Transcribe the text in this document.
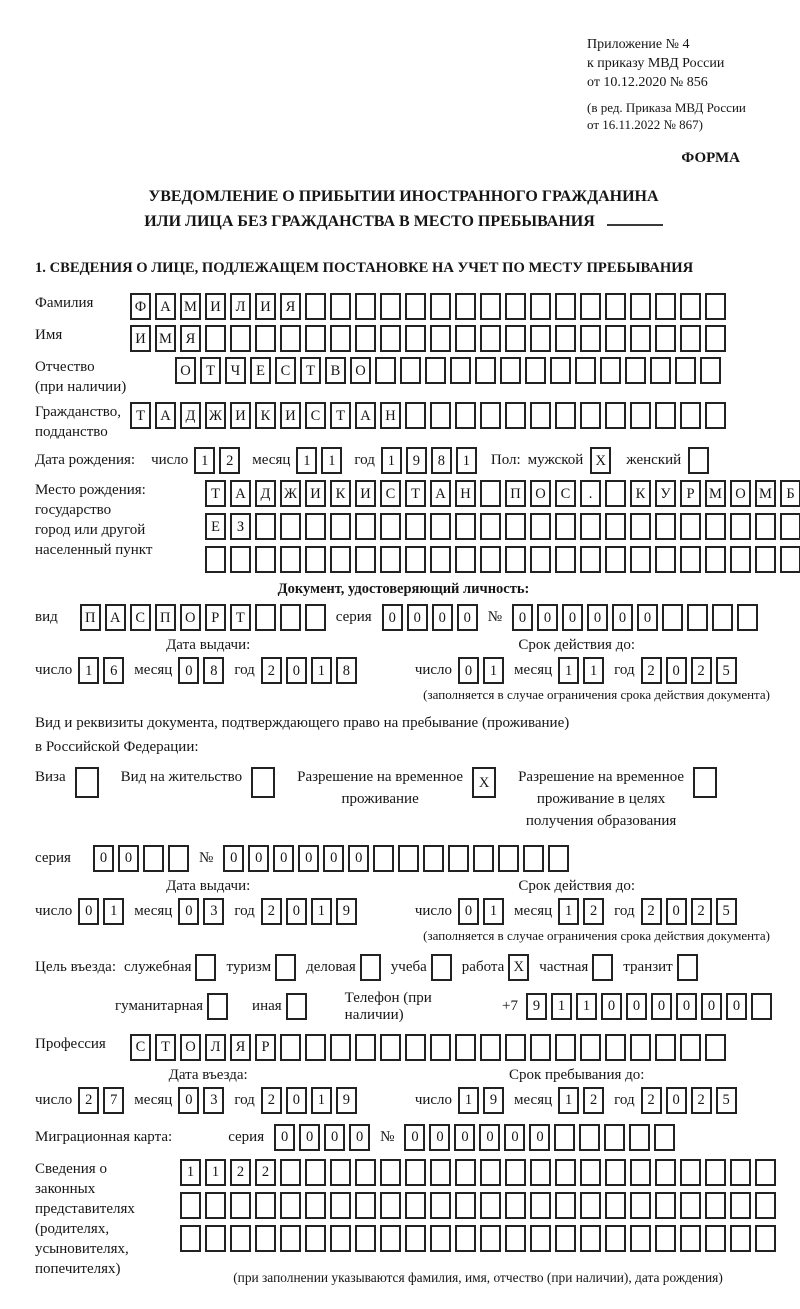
Приложение № 4
к приказу МВД России
от 10.12.2020 № 856
(в ред. Приказа МВД России
от 16.11.2022 № 867)
ФОРМА
УВЕДОМЛЕНИЕ О ПРИБЫТИИ ИНОСТРАННОГО ГРАЖДАНИНА
ИЛИ ЛИЦА БЕЗ ГРАЖДАНСТВА В МЕСТО ПРЕБЫВАНИЯ
1. СВЕДЕНИЯ О ЛИЦЕ, ПОДЛЕЖАЩЕМ ПОСТАНОВКЕ НА УЧЕТ ПО МЕСТУ ПРЕБЫВАНИЯ
Фамилия	Ф А М И	Л	И	Я
Имя	И М Я
Отчество
(при наличии)
О	Т	Ч	Е	С	Т	В	О
Гражданство,
подданство
Т	А	Д Ж И	К	И	С	Т	А	Н
Дата рождения: число 1	2	месяц 1	1	год 1	9	8	1	Пол: мужской X	женский
Место рождения:
государство
город или другой
населенный пункт
Т	А	Д Ж И	К	И	С	Т	А	Н	П	О	С	.	К	У	Р	М О М Б
Е	З
Документ, удостоверяющий личность:
вид	П	А	С	П	О	Р	Т	серия	0	0	0	0	№	0	0	0	0	0	0
Дата выдачи:	Срок действия до:
число 1	6	месяц 0	8	год 2	0	1	8	число 0	1	месяц 1	1	год 2	0	2	5
(заполняется в случае ограничения срока действия документа)
Вид и реквизиты документа, подтверждающего право на пребывание (проживание)
в Российской Федерации:
Виза	Вид на жительство	Разрешение на временное
проживание
X	Разрешение на временное
проживание в целях
получения образования
серия	0	0	№	0	0	0	0	0	0
Дата выдачи:	Срок действия до:
число 0	1	месяц 0	3	год 2	0	1	9	число 0	1	месяц 1	2	год 2	0	2	5
(заполняется в случае ограничения срока действия документа)
Цель въезда: служебная туризм деловая учеба работа X	частная транзит
гуманитарная	иная
Телефон (при наличии)
+7	9	1	1	0	0	0	0	0	0
Профессия	С	Т	О	Л	Я	Р
Дата въезда:	Срок пребывания до:
число 2	7	месяц 0	3	год 2	0	1	9	число 1	9	месяц 1	2	год 2	0	2	5
Миграционная карта:	серия	0	0	0	0	№	0	0	0	0	0	0
Сведения о
законных
представителях
(родителях,
усыновителях,
попечителях)
1	1	2	2
(при заполнении указываются фамилия, имя, отчество (при наличии), дата рождения)
